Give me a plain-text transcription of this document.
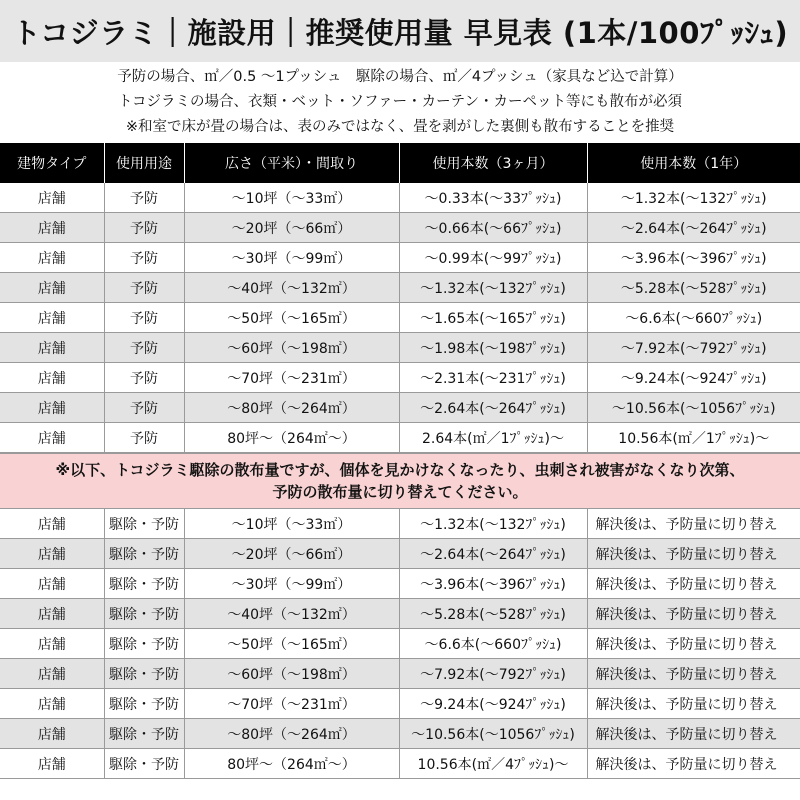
トコジラミ｜施設用｜推奨使用量 早見表 (1本/100ﾌﾟｯｼｭ)
予防の場合、㎡／0.5 ～1プッシュ　駆除の場合、㎡／4プッシュ（家具など込で計算）
トコジラミの場合、衣類・ベット・ソファー・カーテン・カーペット等にも散布が必須
※和室で床が畳の場合は、表のみではなく、畳を剥がした裏側も散布することを推奨
建物タイプ	使用用途	広さ（平米）・間取り	使用本数（3ヶ月）	使用本数（1年）
店舗	予防	～10坪（～33㎡）	～0.33本(～33ﾌﾟｯｼｭ)	～1.32本(～132ﾌﾟｯｼｭ)
店舗	予防	～20坪（～66㎡）	～0.66本(～66ﾌﾟｯｼｭ)	～2.64本(～264ﾌﾟｯｼｭ)
店舗	予防	～30坪（～99㎡）	～0.99本(～99ﾌﾟｯｼｭ)	～3.96本(～396ﾌﾟｯｼｭ)
店舗	予防	～40坪（～132㎡）	～1.32本(～132ﾌﾟｯｼｭ)	～5.28本(～528ﾌﾟｯｼｭ)
店舗	予防	～50坪（～165㎡）	～1.65本(～165ﾌﾟｯｼｭ)	～6.6本(～660ﾌﾟｯｼｭ)
店舗	予防	～60坪（～198㎡）	～1.98本(～198ﾌﾟｯｼｭ)	～7.92本(～792ﾌﾟｯｼｭ)
店舗	予防	～70坪（～231㎡）	～2.31本(～231ﾌﾟｯｼｭ)	～9.24本(～924ﾌﾟｯｼｭ)
店舗	予防	～80坪（～264㎡）	～2.64本(～264ﾌﾟｯｼｭ)	～10.56本(～1056ﾌﾟｯｼｭ)
店舗	予防	80坪～（264㎡～）	2.64本(㎡／1ﾌﾟｯｼｭ)～	10.56本(㎡／1ﾌﾟｯｼｭ)～
※以下、トコジラミ駆除の散布量ですが、個体を見かけなくなったり、虫刺され被害がなくなり次第、
予防の散布量に切り替えてください。
店舗	駆除・予防	～10坪（～33㎡）	～1.32本(～132ﾌﾟｯｼｭ)	解決後は、予防量に切り替え
店舗	駆除・予防	～20坪（～66㎡）	～2.64本(～264ﾌﾟｯｼｭ)	解決後は、予防量に切り替え
店舗	駆除・予防	～30坪（～99㎡）	～3.96本(～396ﾌﾟｯｼｭ)	解決後は、予防量に切り替え
店舗	駆除・予防	～40坪（～132㎡）	～5.28本(～528ﾌﾟｯｼｭ)	解決後は、予防量に切り替え
店舗	駆除・予防	～50坪（～165㎡）	～6.6本(～660ﾌﾟｯｼｭ)	解決後は、予防量に切り替え
店舗	駆除・予防	～60坪（～198㎡）	～7.92本(～792ﾌﾟｯｼｭ)	解決後は、予防量に切り替え
店舗	駆除・予防	～70坪（～231㎡）	～9.24本(～924ﾌﾟｯｼｭ)	解決後は、予防量に切り替え
店舗	駆除・予防	～80坪（～264㎡）	～10.56本(～1056ﾌﾟｯｼｭ)	解決後は、予防量に切り替え
店舗	駆除・予防	80坪～（264㎡～）	10.56本(㎡／4ﾌﾟｯｼｭ)～	解決後は、予防量に切り替え
